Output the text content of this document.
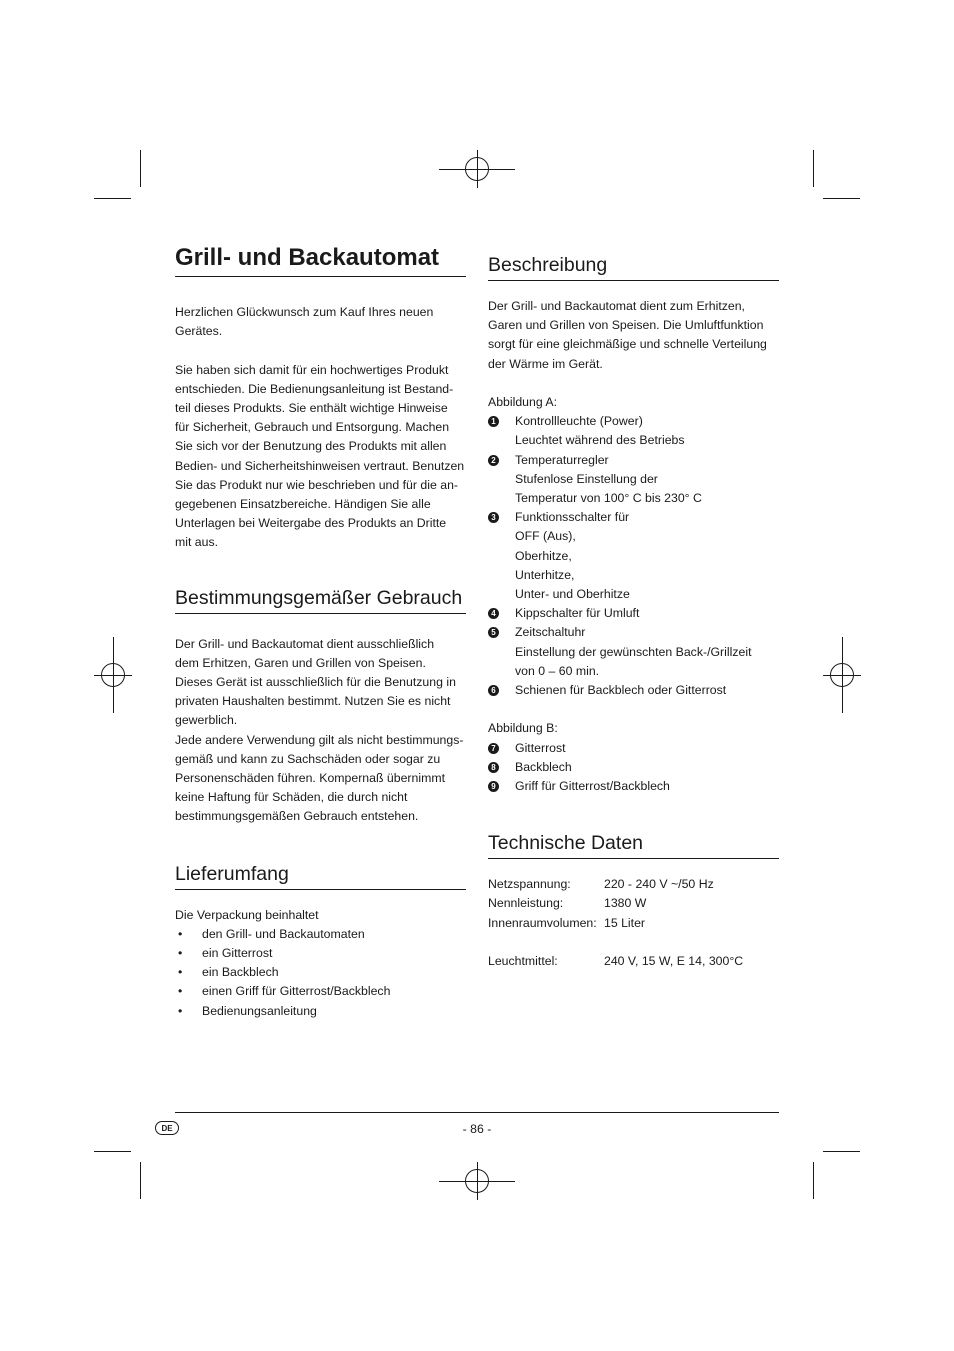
Grill- und Backautomat

Herzlichen Glückwunsch zum Kauf Ihres neuen
Gerätes.

Sie haben sich damit für ein hochwertiges Produkt
entschieden. Die Bedienungsanleitung ist Bestand-
teil dieses Produkts. Sie enthält wichtige Hinweise
für Sicherheit, Gebrauch und Entsorgung. Machen
Sie sich vor der Benutzung des Produkts mit allen
Bedien- und Sicherheitshinweisen vertraut. Benutzen
Sie das Produkt nur wie beschrieben und für die an-
gegebenen Einsatzbereiche. Händigen Sie alle
Unterlagen bei Weitergabe des Produkts an Dritte
mit aus.

Bestimmungsgemäßer Gebrauch

Der Grill- und Backautomat dient ausschließlich
dem Erhitzen, Garen und Grillen von Speisen.
Dieses Gerät ist ausschließlich für die Benutzung in
privaten Haushalten bestimmt. Nutzen Sie es nicht
gewerblich.
Jede andere Verwendung gilt als nicht bestimmungs-
gemäß und kann zu Sachschäden oder sogar zu
Personenschäden führen. Kompernaß übernimmt
keine Haftung für Schäden, die durch nicht
bestimmungsgemäßen Gebrauch entstehen.

Lieferumfang

Die Verpackung beinhaltet

• den Grill- und Backautomaten
• ein Gitterrost
• ein Backblech
• einen Griff für Gitterrost/Backblech
• Bedienungsanleitung
Beschreibung

Der Grill- und Backautomat dient zum Erhitzen,
Garen und Grillen von Speisen. Die Umluftfunktion
sorgt für eine gleichmäßige und schnelle Verteilung
der Wärme im Gerät.

Abbildung A:

1 Kontrollleuchte (Power)
Leuchtet während des Betriebs
2 Temperaturregler
Stufenlose Einstellung der
Temperatur von 100° C bis 230° C
3 Funktionsschalter für
OFF (Aus),
Oberhitze,
Unterhitze,
Unter- und Oberhitze
4 Kippschalter für Umluft
5 Zeitschaltuhr
Einstellung der gewünschten Back-/Grillzeit
von 0 – 60 min.
6 Schienen für Backblech oder Gitterrost

Abbildung B:

7 Gitterrost
8 Backblech
9 Griff für Gitterrost/Backblech
Technische Daten
Netzspannung:	220 - 240 V ~/50 Hz
Nennleistung:	1380 W
Innenraumvolumen: 15 Liter
Leuchtmittel:	240 V, 15 W, E 14, 300°C
DE	- 86 -
